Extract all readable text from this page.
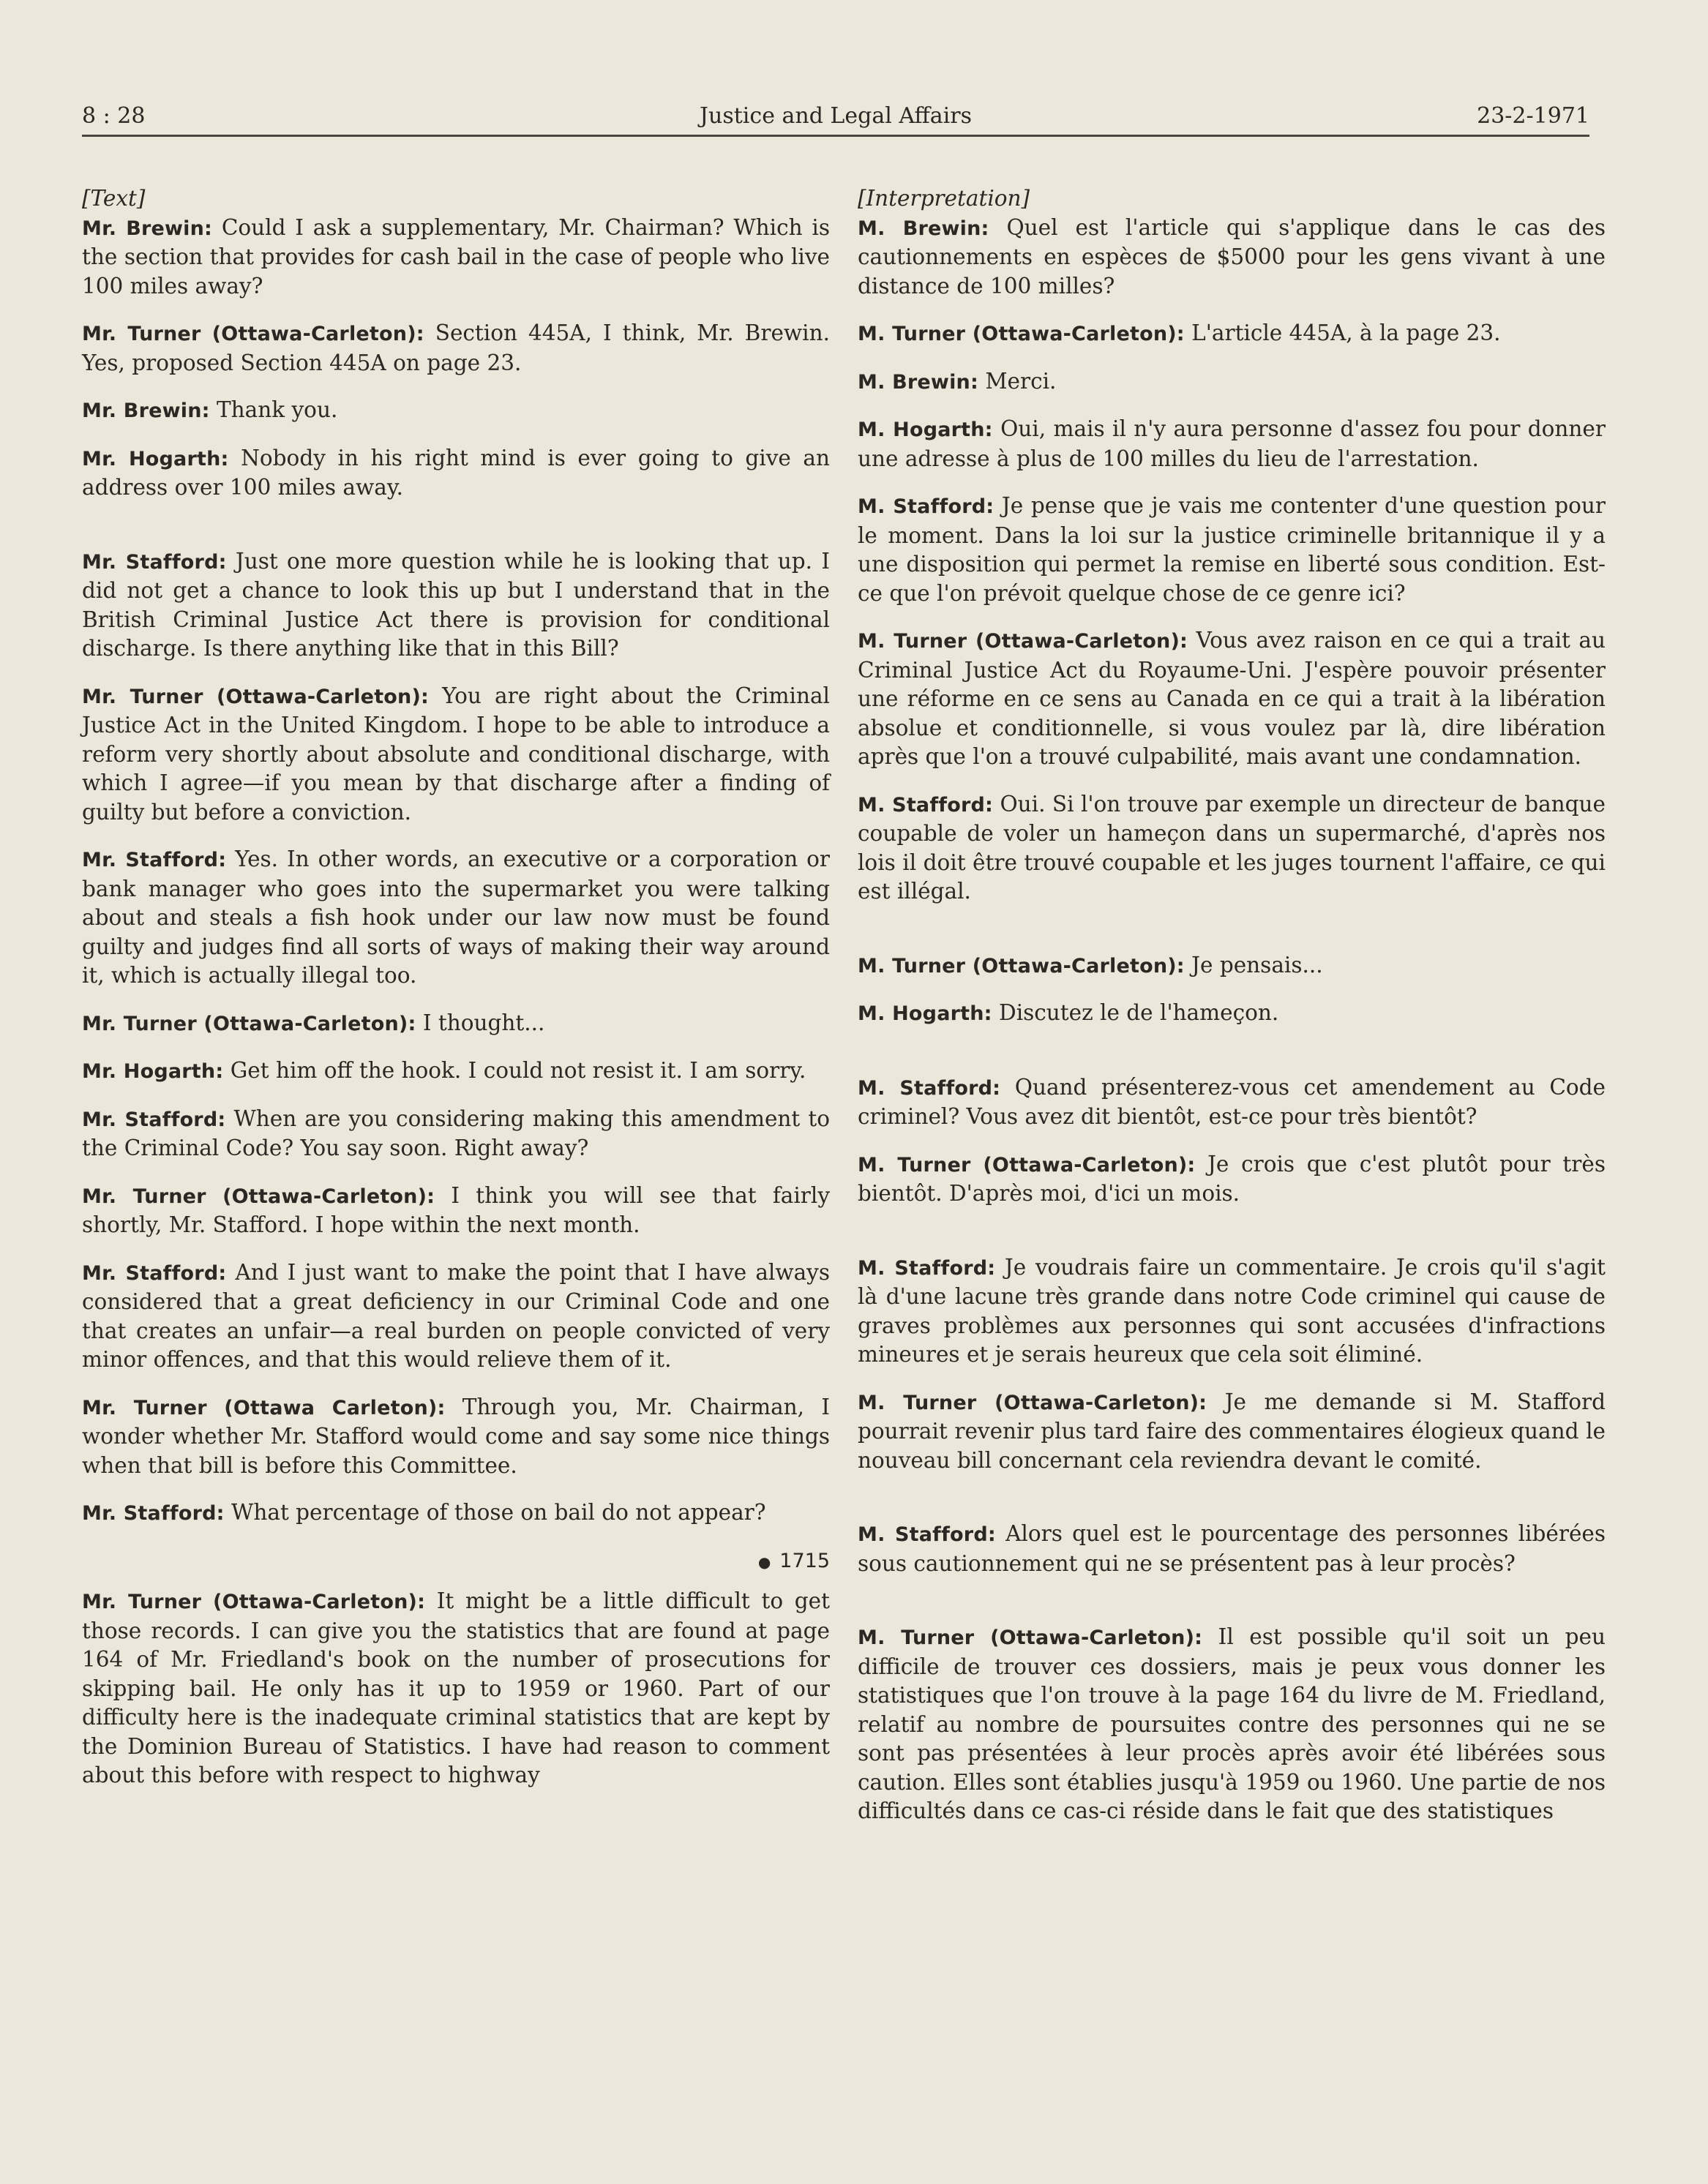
8 : 28	Justice and Legal Affairs	23-2-1971
[Text]

Mr. Brewin: Could I ask a supplementary, Mr. Chairman? Which is the section that provides for cash bail in the case of people who live 100 miles away?

Mr. Turner (Ottawa-Carleton): Section 445A, I think, Mr. Brewin. Yes, proposed Section 445A on page 23.

Mr. Brewin: Thank you.

Mr. Hogarth: Nobody in his right mind is ever going to give an address over 100 miles away.

Mr. Stafford: Just one more question while he is looking that up. I did not get a chance to look this up but I understand that in the British Criminal Justice Act there is provision for conditional discharge. Is there anything like that in this Bill?

Mr. Turner (Ottawa-Carleton): You are right about the Criminal Justice Act in the United Kingdom. I hope to be able to introduce a reform very shortly about absolute and conditional discharge, with which I agree—if you mean by that discharge after a finding of guilty but before a conviction.

Mr. Stafford: Yes. In other words, an executive or a corporation or bank manager who goes into the supermarket you were talking about and steals a fish hook under our law now must be found guilty and judges find all sorts of ways of making their way around it, which is actually illegal too.

Mr. Turner (Ottawa-Carleton): I thought...

Mr. Hogarth: Get him off the hook. I could not resist it. I am sorry.

Mr. Stafford: When are you considering making this amendment to the Criminal Code? You say soon. Right away?

Mr. Turner (Ottawa-Carleton): I think you will see that fairly shortly, Mr. Stafford. I hope within the next month.

Mr. Stafford: And I just want to make the point that I have always considered that a great deficiency in our Criminal Code and one that creates an unfair—a real burden on people convicted of very minor offences, and that this would relieve them of it.

Mr. Turner (Ottawa Carleton): Through you, Mr. Chairman, I wonder whether Mr. Stafford would come and say some nice things when that bill is before this Committee.

Mr. Stafford: What percentage of those on bail do not appear?

● 1715

Mr. Turner (Ottawa-Carleton): It might be a little difficult to get those records. I can give you the statistics that are found at page 164 of Mr. Friedland's book on the number of prosecutions for skipping bail. He only has it up to 1959 or 1960. Part of our difficulty here is the inadequate criminal statistics that are kept by the Dominion Bureau of Statistics. I have had reason to comment about this before with respect to highway

[Interpretation]

M. Brewin: Quel est l'article qui s'applique dans le cas des cautionnements en espèces de $5000 pour les gens vivant à une distance de 100 milles?

M. Turner (Ottawa-Carleton): L'article 445A, à la page 23.

M. Brewin: Merci.

M. Hogarth: Oui, mais il n'y aura personne d'assez fou pour donner une adresse à plus de 100 milles du lieu de l'arrestation.

M. Stafford: Je pense que je vais me contenter d'une question pour le moment. Dans la loi sur la justice criminelle britannique il y a une disposition qui permet la remise en liberté sous condition. Est-ce que l'on prévoit quelque chose de ce genre ici?

M. Turner (Ottawa-Carleton): Vous avez raison en ce qui a trait au Criminal Justice Act du Royaume-Uni. J'espère pouvoir présenter une réforme en ce sens au Canada en ce qui a trait à la libération absolue et conditionnelle, si vous voulez par là, dire libération après que l'on a trouvé culpabilité, mais avant une condamnation.

M. Stafford: Oui. Si l'on trouve par exemple un directeur de banque coupable de voler un hameçon dans un supermarché, d'après nos lois il doit être trouvé coupable et les juges tournent l'affaire, ce qui est illégal.

M. Turner (Ottawa-Carleton): Je pensais...

M. Hogarth: Discutez le de l'hameçon.

M. Stafford: Quand présenterez-vous cet amendement au Code criminel? Vous avez dit bientôt, est-ce pour très bientôt?

M. Turner (Ottawa-Carleton): Je crois que c'est plutôt pour très bientôt. D'après moi, d'ici un mois.

M. Stafford: Je voudrais faire un commentaire. Je crois qu'il s'agit là d'une lacune très grande dans notre Code criminel qui cause de graves problèmes aux personnes qui sont accusées d'infractions mineures et je serais heureux que cela soit éliminé.

M. Turner (Ottawa-Carleton): Je me demande si M. Stafford pourrait revenir plus tard faire des commentaires élogieux quand le nouveau bill concernant cela reviendra devant le comité.

M. Stafford: Alors quel est le pourcentage des personnes libérées sous cautionnement qui ne se présentent pas à leur procès?

M. Turner (Ottawa-Carleton): Il est possible qu'il soit un peu difficile de trouver ces dossiers, mais je peux vous donner les statistiques que l'on trouve à la page 164 du livre de M. Friedland, relatif au nombre de poursuites contre des personnes qui ne se sont pas présentées à leur procès après avoir été libérées sous caution. Elles sont établies jusqu'à 1959 ou 1960. Une partie de nos difficultés dans ce cas-ci réside dans le fait que des statistiques
